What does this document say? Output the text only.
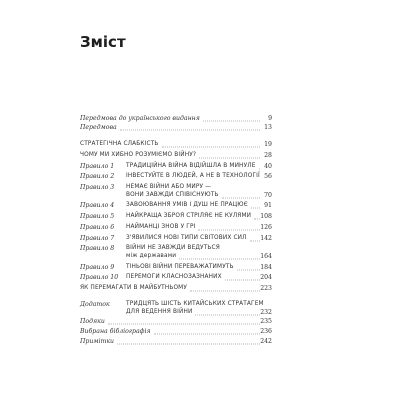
Зміст
Передмова до українського видання	9
Передмова	13
СТРАТЕГІЧНА СЛАБКІСТЬ	19
ЧОМУ МИ ХИБНО РОЗУМІЄМО ВІЙНУ?	28
Правило 1 ТРАДИЦІЙНА ВІЙНА ВІДІЙШЛА В МИНУЛЕ 40
Правило 2 ІНВЕСТУЙТЕ В ЛЮДЕЙ, А НЕ В ТЕХНОЛОГІЇ 56
Правило 3 НЕМАЄ ВІЙНИ АБО МИРУ —
ВОНИ ЗАВЖДИ СПІВІСНУЮТЬ	70
Правило 4 ЗАВОЮВАННЯ УМІВ І ДУШ НЕ ПРАЦЮЄ	91
Правило 5 НАЙКРАЩА ЗБРОЯ СТРІЛЯЄ НЕ КУЛЯМИ 108
Правило 6 НАЙМАНЦІ ЗНОВ У ГРІ	126
Правило 7 З'ЯВИЛИСЯ НОВІ ТИПИ СВІТОВИХ СИЛ 142
Правило 8 ВІЙНИ НЕ ЗАВЖДИ ВЕДУТЬСЯ
між державами	164
Правило 9 ТІНЬОВІ ВІЙНИ ПЕРЕВАЖАТИМУТЬ	184
Правило 10 ПЕРЕМОГИ КЛАСНОЗАЗНАНИХ	204
ЯК ПЕРЕМАГАТИ В МАЙБУТНЬОМУ	223
Додаток	ТРИДЦЯТЬ ШІСТЬ КИТАЙСЬКИХ СТРАТАГЕМ
ДЛЯ ВЕДЕННЯ ВІЙНИ	232
Подяки	235
Вибрана бібліографія	236
Примітки	242
